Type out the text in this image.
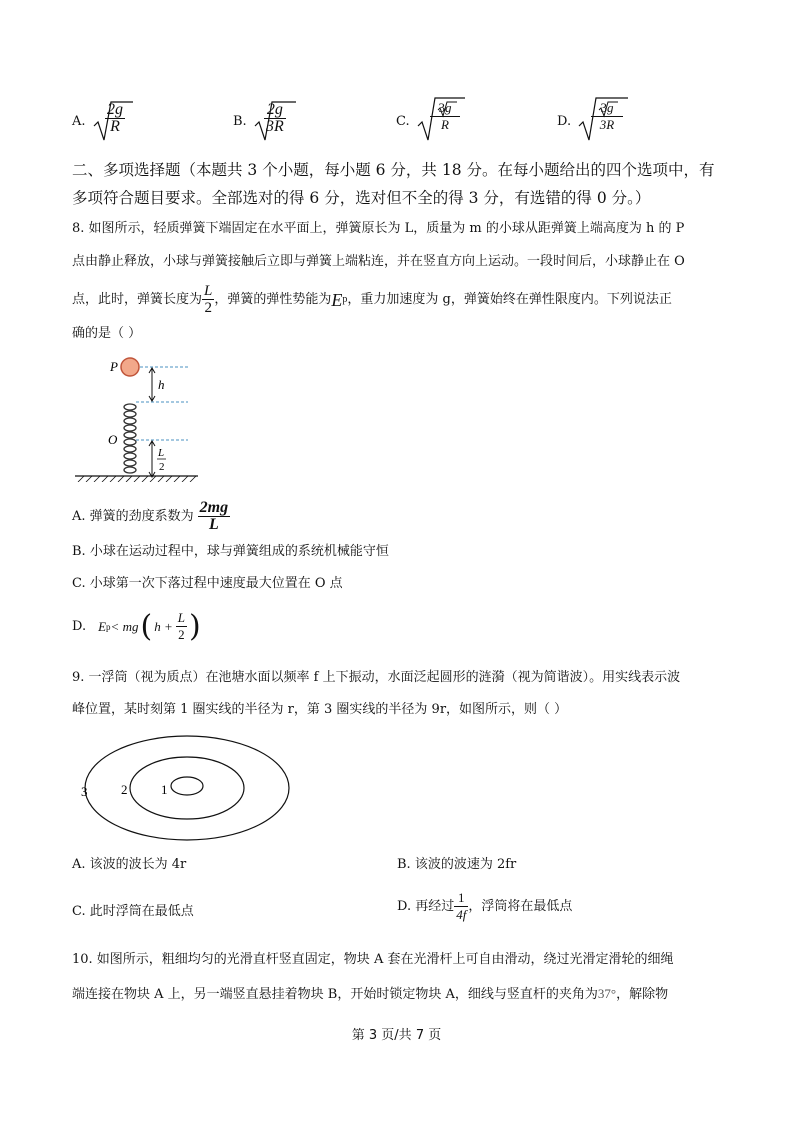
A. $\frac{2g}{R}$	B. $\frac{2g}{3R}$	C.
3g
R	D.
3g
3R
二、多项选择题（本题共 3 个小题，每小题 6 分，共 18 分。在每小题给出的四个选项中，有
多项符合题目要求。全部选对的得 6 分，选对但不全的得 3 分，有选错的得 0 分。）
8. 如图所示，轻质弹簧下端固定在水平面上，弹簧原长为 L，质量为 m 的小球从距弹簧上端高度为 h 的 P
点由静止释放，小球与弹簧接触后立即与弹簧上端粘连，并在竖直方向上运动。一段时间后，小球静止在 O
点，此时，弹簧长度为 $\frac{L}{2}$ ，弹簧的弹性势能为 E p ，重力加速度为 g，弹簧始终在弹性限度内。下列说法正
确的是（ ）
P
h
L
2
O
A. 弹簧的劲度系数为 $\frac{2mg}{L}$
B. 小球在运动过程中，球与弹簧组成的系统机械能守恒
C. 小球第一次下落过程中速度最大位置在 O 点
D. E p < mg ( $h + \frac{L}{2}$ )
9. 一浮筒（视为质点）在池塘水面以频率 f 上下振动，水面泛起圆形的涟漪（视为简谐波）。用实线表示波
峰位置，某时刻第 1 圈实线的半径为 r，第 3 圈实线的半径为 9r，如图所示，则（ ）
3	2	1
A. 该波的波长为 4r	B. 该波的波速为 2fr
C. 此时浮筒在最低点	D. 再经过 $\frac{1}{4f}$ ，浮筒将在最低点
10. 如图所示，粗细均匀的光滑直杆竖直固定，物块 A 套在光滑杆上可自由滑动，绕过光滑定滑轮的细绳
端连接在物块 A 上，另一端竖直悬挂着物块 B，开始时锁定物块 A，细线与竖直杆的夹角为37°，解除物
第 3 页/共 7 页
